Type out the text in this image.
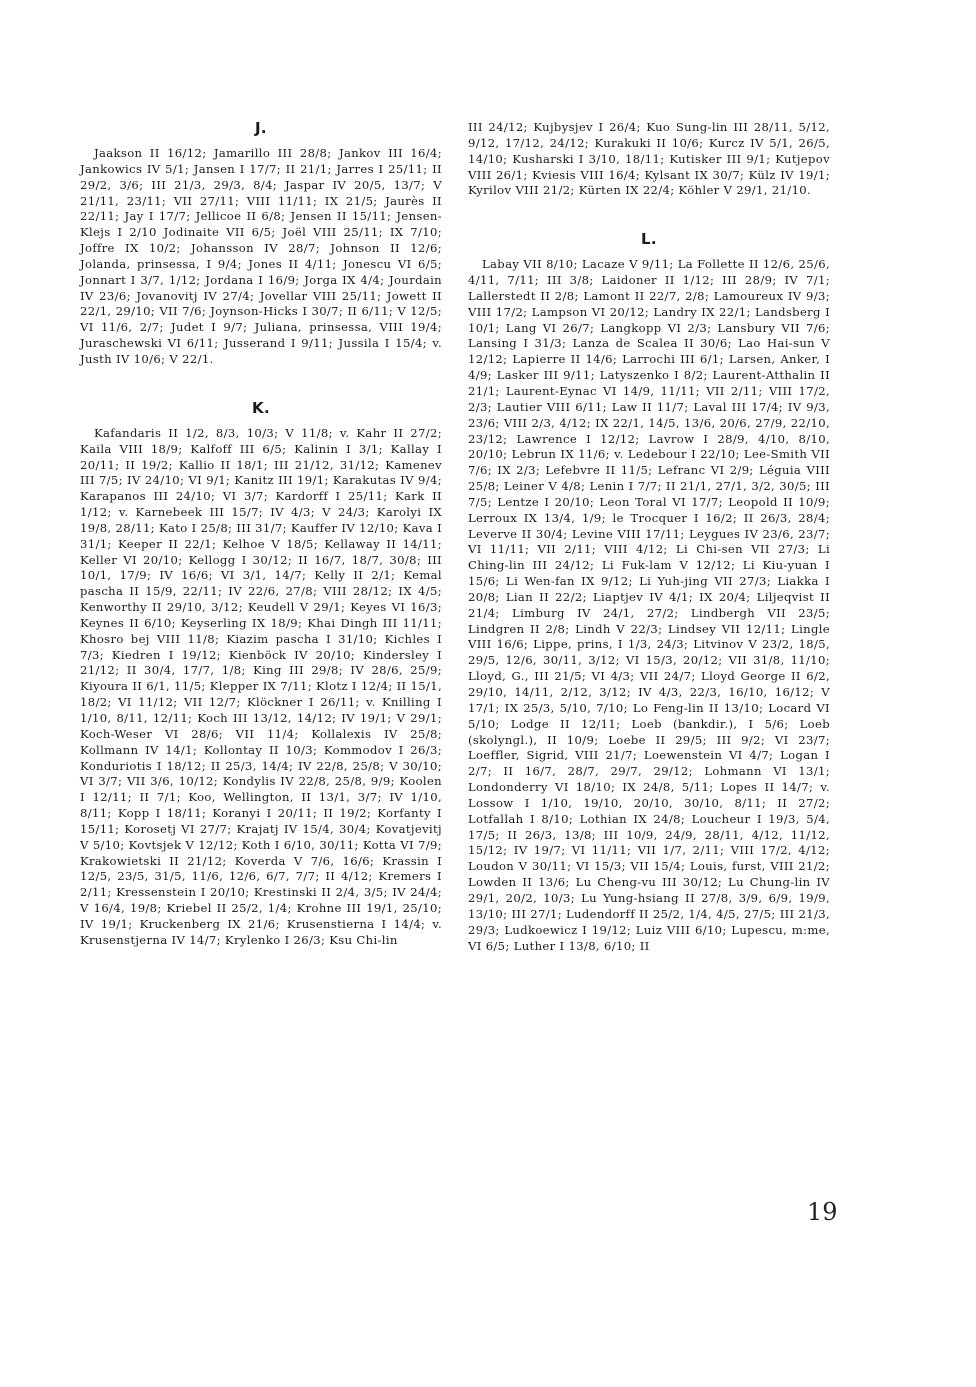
J.

Jaakson II 16/12; Jamarillo III 28/8; Jankov III 16/4; Jankowics IV 5/1; Jansen I 17/7; II 21/1; Jarres I 25/11; II 29/2, 3/6; III 21/3, 29/3, 8/4; Jaspar IV 20/5, 13/7; V 21/11, 23/11; VII 27/11; VIII 11/11; IX 21/5; Jaurès II 22/11; Jay I 17/7; Jellicoe II 6/8; Jensen II 15/11; Jensen-Klejs I 2/10 Jodinaite VII 6/5; Joël VIII 25/11; IX 7/10; Joffre IX 10/2; Johansson IV 28/7; Johnson II 12/6; Jolanda, prinsessa, I 9/4; Jones II 4/11; Jonescu VI 6/5; Jonnart I 3/7, 1/12; Jordana I 16/9; Jorga IX 4/4; Jourdain IV 23/6; Jovanovitj IV 27/4; Jovellar VIII 25/11; Jowett II 22/1, 29/10; VII 7/6; Joynson-Hicks I 30/7; II 6/11; V 12/5; VI 11/6, 2/7; Judet I 9/7; Juliana, prinsessa, VIII 19/4; Juraschewski VI 6/11; Jusserand I 9/11; Jussila I 15/4; v. Justh IV 10/6; V 22/1.

K.

Kafandaris II 1/2, 8/3, 10/3; V 11/8; v. Kahr II 27/2; Kaila VIII 18/9; Kalfoff III 6/5; Kalinin I 3/1; Kallay I 20/11; II 19/2; Kallio II 18/1; III 21/12, 31/12; Kamenev III 7/5; IV 24/10; VI 9/1; Kanitz III 19/1; Karakutas IV 9/4; Karapanos III 24/10; VI 3/7; Kardorff I 25/11; Kark II 1/12; v. Karnebeek III 15/7; IV 4/3; V 24/3; Karolyi IX 19/8, 28/11; Kato I 25/8; III 31/7; Kauffer IV 12/10; Kava I 31/1; Keeper II 22/1; Kelhoe V 18/5; Kellaway II 14/11; Keller VI 20/10; Kellogg I 30/12; II 16/7, 18/7, 30/8; III 10/1, 17/9; IV 16/6; VI 3/1, 14/7; Kelly II 2/1; Kemal pascha II 15/9, 22/11; IV 22/6, 27/8; VIII 28/12; IX 4/5; Kenworthy II 29/10, 3/12; Keudell V 29/1; Keyes VI 16/3; Keynes II 6/10; Keyserling IX 18/9; Khai Dingh III 11/11; Khosro bej VIII 11/8; Kiazim pascha I 31/10; Kichles I 7/3; Kiedren I 19/12; Kienböck IV 20/10; Kindersley I 21/12; II 30/4, 17/7, 1/8; King III 29/8; IV 28/6, 25/9; Kiyoura II 6/1, 11/5; Klepper IX 7/11; Klotz I 12/4; II 15/1, 18/2; VI 11/12; VII 12/7; Klöckner I 26/11; v. Knilling I 1/10, 8/11, 12/11; Koch III 13/12, 14/12; IV 19/1; V 29/1; Koch-Weser VI 28/6; VII 11/4; Kollalexis IV 25/8; Kollmann IV 14/1; Kollontay II 10/3; Kommodov I 26/3; Konduriotis I 18/12; II 25/3, 14/4; IV 22/8, 25/8; V 30/10; VI 3/7; VII 3/6, 10/12; Kondylis IV 22/8, 25/8, 9/9; Koolen I 12/11; II 7/1; Koo, Wellington, II 13/1, 3/7; IV 1/10, 8/11; Kopp I 18/11; Koranyi I 20/11; II 19/2; Korfanty I 15/11; Korosetj VI 27/7; Krajatj IV 15/4, 30/4; Kovatjevitj V 5/10; Kovtsjek V 12/12; Koth I 6/10, 30/11; Kotta VI 7/9; Krakowietski II 21/12; Koverda V 7/6, 16/6; Krassin I 12/5, 23/5, 31/5, 11/6, 12/6, 6/7, 7/7; II 4/12; Kremers I 2/11; Kressenstein I 20/10; Krestinski II 2/4, 3/5; IV 24/4; V 16/4, 19/8; Kriebel II 25/2, 1/4; Krohne III 19/1, 25/10; IV 19/1; Kruckenberg IX 21/6; Krusenstierna I 14/4; v. Krusenstjerna IV 14/7; Krylenko I 26/3; Ksu Chi-lin

III 24/12; Kujbysjev I 26/4; Kuo Sung-lin III 28/11, 5/12, 9/12, 17/12, 24/12; Kurakuki II 10/6; Kurcz IV 5/1, 26/5, 14/10; Kusharski I 3/10, 18/11; Kutisker III 9/1; Kutjepov VIII 26/1; Kviesis VIII 16/4; Kylsant IX 30/7; Külz IV 19/1; Kyrilov VIII 21/2; Kürten IX 22/4; Köhler V 29/1, 21/10.

L.

Labay VII 8/10; Lacaze V 9/11; La Follette II 12/6, 25/6, 4/11, 7/11; III 3/8; Laidoner II 1/12; III 28/9; IV 7/1; Lallerstedt II 2/8; Lamont II 22/7, 2/8; Lamoureux IV 9/3; VIII 17/2; Lampson VI 20/12; Landry IX 22/1; Landsberg I 10/1; Lang VI 26/7; Langkopp VI 2/3; Lansbury VII 7/6; Lansing I 31/3; Lanza de Scalea II 30/6; Lao Hai-sun V 12/12; Lapierre II 14/6; Larrochi III 6/1; Larsen, Anker, I 4/9; Lasker III 9/11; Latyszenko I 8/2; Laurent-Atthalin II 21/1; Laurent-Eynac VI 14/9, 11/11; VII 2/11; VIII 17/2, 2/3; Lautier VIII 6/11; Law II 11/7; Laval III 17/4; IV 9/3, 23/6; VIII 2/3, 4/12; IX 22/1, 14/5, 13/6, 20/6, 27/9, 22/10, 23/12; Lawrence I 12/12; Lavrow I 28/9, 4/10, 8/10, 20/10; Lebrun IX 11/6; v. Ledebour I 22/10; Lee-Smith VII 7/6; IX 2/3; Lefebvre II 11/5; Lefranc VI 2/9; Léguia VIII 25/8; Leiner V 4/8; Lenin I 7/7; II 21/1, 27/1, 3/2, 30/5; III 7/5; Lentze I 20/10; Leon Toral VI 17/7; Leopold II 10/9; Lerroux IX 13/4, 1/9; le Trocquer I 16/2; II 26/3, 28/4; Leverve II 30/4; Levine VIII 17/11; Leygues IV 23/6, 23/7; VI 11/11; VII 2/11; VIII 4/12; Li Chi-sen VII 27/3; Li Ching-lin III 24/12; Li Fuk-lam V 12/12; Li Kiu-yuan I 15/6; Li Wen-fan IX 9/12; Li Yuh-jing VII 27/3; Liakka I 20/8; Lian II 22/2; Liaptjev IV 4/1; IX 20/4; Liljeqvist II 21/4; Limburg IV 24/1, 27/2; Lindbergh VII 23/5; Lindgren II 2/8; Lindh V 22/3; Lindsey VII 12/11; Lingle VIII 16/6; Lippe, prins, I 1/3, 24/3; Litvinov V 23/2, 18/5, 29/5, 12/6, 30/11, 3/12; VI 15/3, 20/12; VII 31/8, 11/10; Lloyd, G., III 21/5; VI 4/3; VII 24/7; Lloyd George II 6/2, 29/10, 14/11, 2/12, 3/12; IV 4/3, 22/3, 16/10, 16/12; V 17/1; IX 25/3, 5/10, 7/10; Lo Feng-lin II 13/10; Locard VI 5/10; Lodge II 12/11; Loeb (bankdir.), I 5/6; Loeb (skolyngl.), II 10/9; Loebe II 29/5; III 9/2; VI 23/7; Loeffler, Sigrid, VIII 21/7; Loewenstein VI 4/7; Logan I 2/7; II 16/7, 28/7, 29/7, 29/12; Lohmann VI 13/1; Londonderry VI 18/10; IX 24/8, 5/11; Lopes II 14/7; v. Lossow I 1/10, 19/10, 20/10, 30/10, 8/11; II 27/2; Lotfallah I 8/10; Lothian IX 24/8; Loucheur I 19/3, 5/4, 17/5; II 26/3, 13/8; III 10/9, 24/9, 28/11, 4/12, 11/12, 15/12; IV 19/7; VI 11/11; VII 1/7, 2/11; VIII 17/2, 4/12; Loudon V 30/11; VI 15/3; VII 15/4; Louis, furst, VIII 21/2; Lowden II 13/6; Lu Cheng-vu III 30/12; Lu Chung-lin IV 29/1, 20/2, 10/3; Lu Yung-hsiang II 27/8, 3/9, 6/9, 19/9, 13/10; III 27/1; Ludendorff II 25/2, 1/4, 4/5, 27/5; III 21/3, 29/3; Ludkoewicz I 19/12; Luiz VIII 6/10; Lupescu, m:me, VI 6/5; Luther I 13/8, 6/10; II

19
